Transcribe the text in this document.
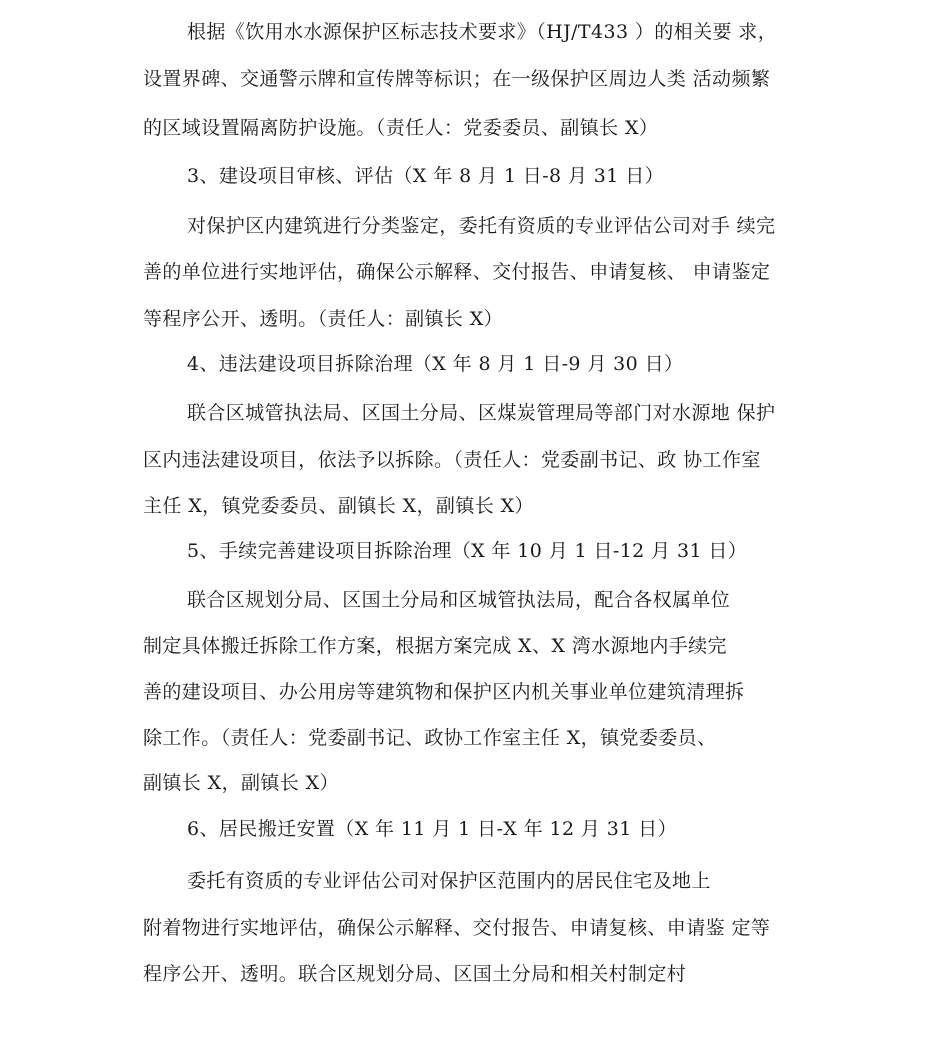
根据《饮用水水源保护区标志技术要求》（HJ/T433 ）的相关要 求，
设置界碑、交通警示牌和宣传牌等标识；在一级保护区周边人类 活动频繁
的区域设置隔离防护设施。（责任人：党委委员、副镇长 X）
3、建设项目审核、评估（X 年 8 月 1 日-8 月 31 日）
对保护区内建筑进行分类鉴定，委托有资质的专业评估公司对手 续完
善的单位进行实地评估，确保公示解释、交付报告、申请复核、 申请鉴定
等程序公开、透明。（责任人：副镇长 X）
4、违法建设项目拆除治理（X 年 8 月 1 日-9 月 30 日）
联合区城管执法局、区国土分局、区煤炭管理局等部门对水源地 保护
区内违法建设项目，依法予以拆除。（责任人：党委副书记、政 协工作室
主任 X，镇党委委员、副镇长 X，副镇长 X）
5、手续完善建设项目拆除治理（X 年 10 月 1 日-12 月 31 日）
联合区规划分局、区国土分局和区城管执法局，配合各权属单位
制定具体搬迁拆除工作方案，根据方案完成 X、X 湾水源地内手续完
善的建设项目、办公用房等建筑物和保护区内机关事业单位建筑清理拆
除工作。（责任人：党委副书记、政协工作室主任 X，镇党委委员、
副镇长 X，副镇长 X）
6、居民搬迁安置（X 年 11 月 1 日-X 年 12 月 31 日）
委托有资质的专业评估公司对保护区范围内的居民住宅及地上
附着物进行实地评估，确保公示解释、交付报告、申请复核、申请鉴 定等
程序公开、透明。联合区规划分局、区国土分局和相关村制定村
